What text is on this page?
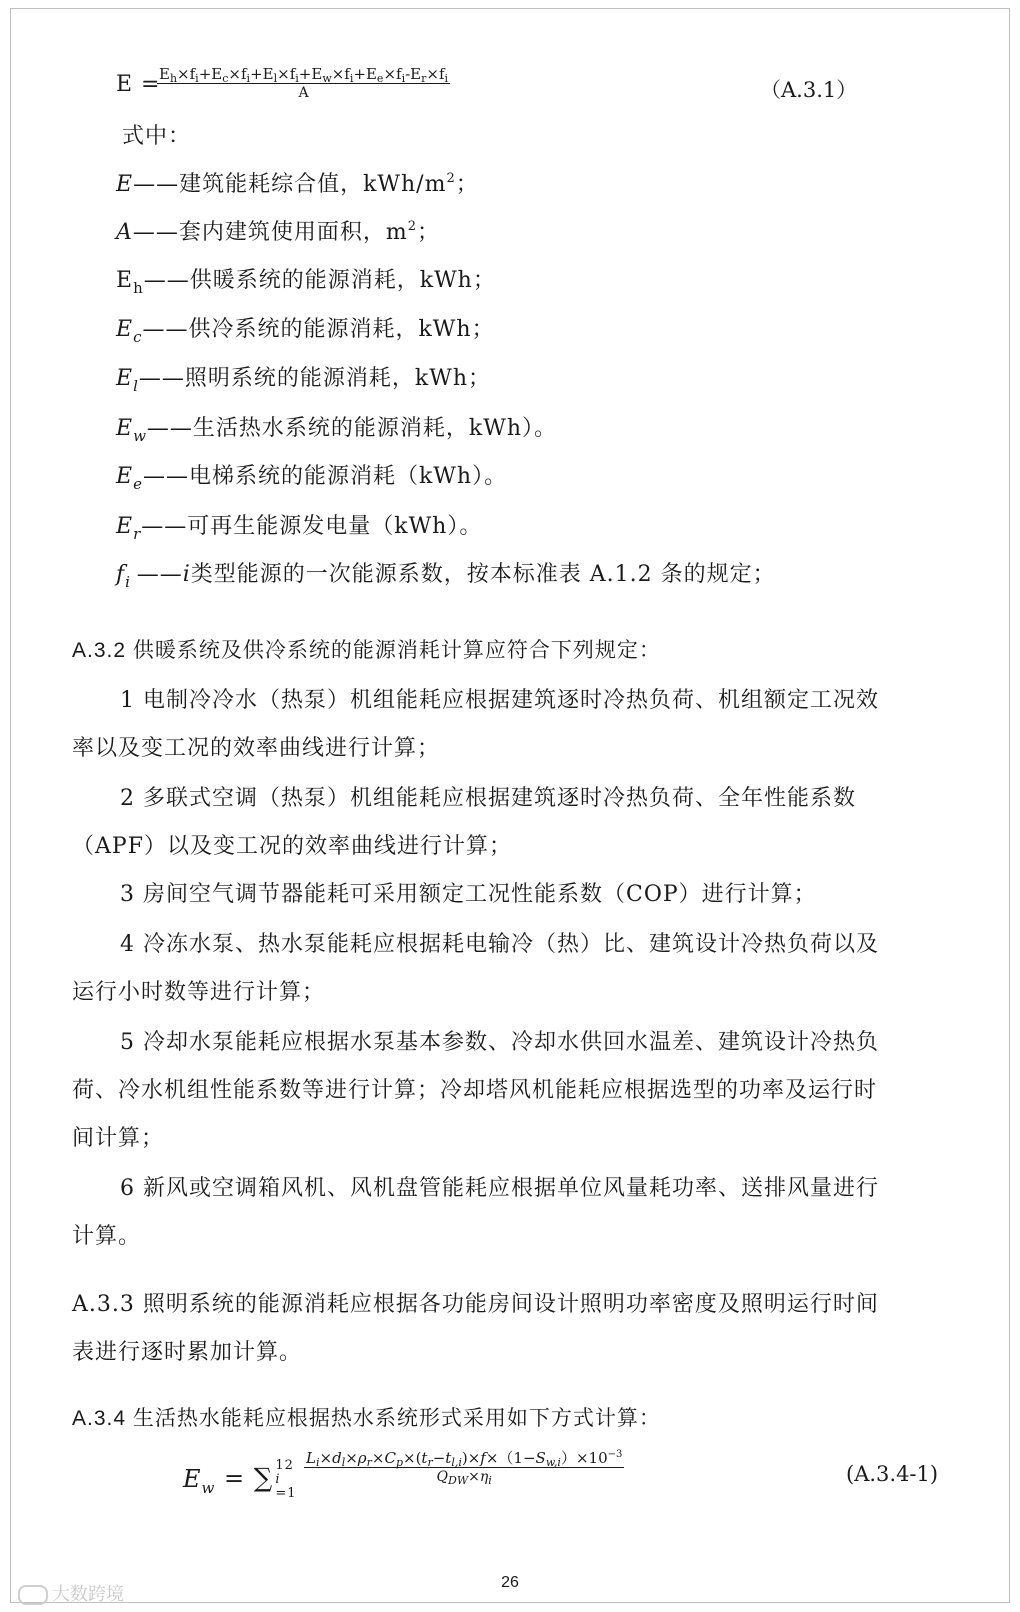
E =
$\frac{E_h\times f_i+E_c\times f_i+E_l\times f_i+E_w\times f_i+E_e\times f_i-E_r\times f_i}{A}$	（A.3.1）
式中：
E——建筑能耗综合值，kWh/$m^2$；
A——套内建筑使用面积，$m^2$；
$E_h——$供暖系统的能源消耗，kWh；
$E_c——$供冷系统的能源消耗，kWh；
$E_l——$照明系统的能源消耗，kWh；
$E_w——$生活热水系统的能源消耗，kWh）。
$E_e——$电梯系统的能源消耗（kWh）。
$E_r——$可再生能源发电量（kWh）。
$f_i$ ——i类型能源的一次能源系数，按本标准表 A.1.2 条的规定；
A.3.2 供暖系统及供冷系统的能源消耗计算应符合下列规定：
1 电制冷冷水（热泵）机组能耗应根据建筑逐时冷热负荷、机组额定工况效
率以及变工况的效率曲线进行计算；
2 多联式空调（热泵）机组能耗应根据建筑逐时冷热负荷、全年性能系数
（APF）以及变工况的效率曲线进行计算；
3 房间空气调节器能耗可采用额定工况性能系数（COP）进行计算；
4 冷冻水泵、热水泵能耗应根据耗电输冷（热）比、建筑设计冷热负荷以及
运行小时数等进行计算；
5 冷却水泵能耗应根据水泵基本参数、冷却水供回水温差、建筑设计冷热负
荷、冷水机组性能系数等进行计算；冷却塔风机能耗应根据选型的功率及运行时
间计算；
6 新风或空调箱风机、风机盘管能耗应根据单位风量耗功率、送排风量进行
计算。
A.3.3 照明系统的能源消耗应根据各功能房间设计照明功率密度及照明运行时间
表进行逐时累加计算。
A.3.4 生活热水能耗应根据热水系统形式采用如下方式计算：
$E_w$ = ∑ 12
i
=1
$L_i\times d_l\times\rho_r\times C_p\times(t_r-t_{l,i})\times f\times(1-S_{w,i})\times 10^{-3}$
$Q_{DW}\times\eta_i$	(A.3.4-1)
26
大数跨境
